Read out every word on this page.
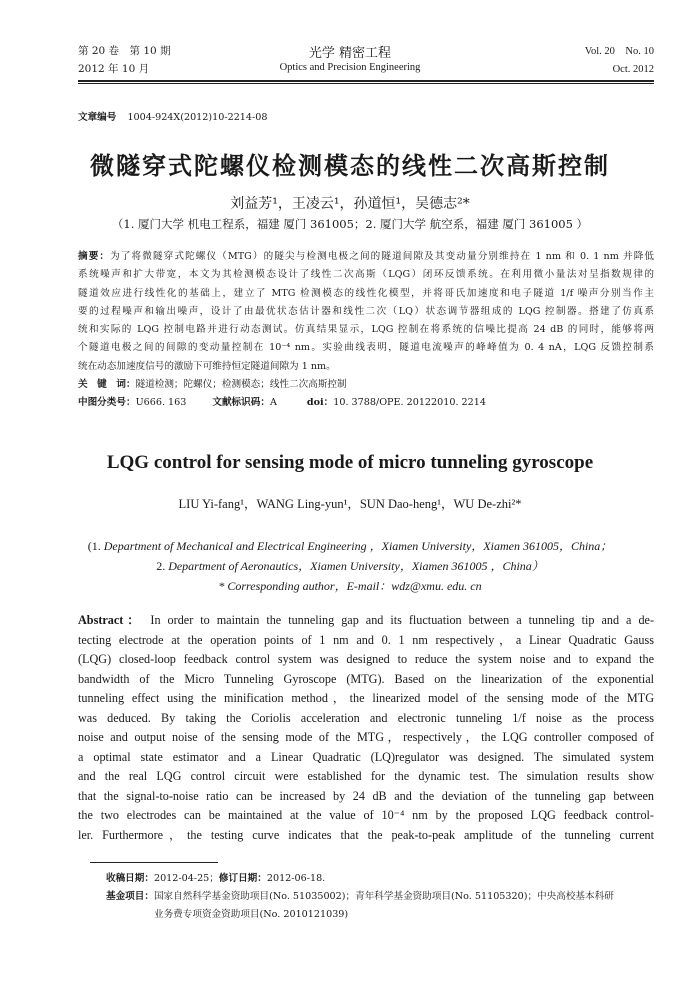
第 20 卷　第 10 期
2012 年 10 月
光学 精密工程
Optics and Precision Engineering
Vol. 20　No. 10
Oct. 2012
文章编号 1004-924X(2012)10-2214-08
微隧穿式陀螺仪检测模态的线性二次高斯控制
刘益芳¹，王凌云¹，孙道恒¹，吴德志²*
（1. 厦门大学 机电工程系，福建 厦门 361005；2. 厦门大学 航空系，福建 厦门 361005 ）

摘要：为了将微隧穿式陀螺仪（MTG）的隧尖与检测电极之间的隧道间隙及其变动量分别维持在 1 nm 和 0. 1 nm 并降低

系统噪声和扩大带宽，本文为其检测模态设计了线性二次高斯（LQG）闭环反馈系统。在利用微小量法对呈指数规律的

隧道效应进行线性化的基础上，建立了 MTG 检测模态的线性化模型，并将哥氏加速度和电子隧道 1/f 噪声分别当作主

要的过程噪声和输出噪声，设计了由最优状态估计器和线性二次（LQ）状态调节器组成的 LQG 控制器。搭建了仿真系

统和实际的 LQG 控制电路并进行动态测试。仿真结果显示，LQG 控制在将系统的信噪比提高 24 dB 的同时，能够将两

个隧道电极之间的间隙的变动量控制在 10⁻⁴ nm。实验曲线表明，隧道电流噪声的峰峰值为 0. 4 nA，LQG 反馈控制系

统在动态加速度信号的激励下可维持恒定隧道间隙为 1 nm。

关　键　词：隧道检测；陀螺仪；检测模态；线性二次高斯控制

中图分类号：U666. 163	文献标识码：A	doi：10. 3788/OPE. 20122010. 2214

LQG control for sensing mode of micro tunneling gyroscope
LIU Yi-fang¹，WANG Ling-yun¹，SUN Dao-heng¹，WU De-zhi²*
(1. Department of Mechanical and Electrical Engineering ，Xiamen University，Xiamen 361005，China；
2. Department of Aeronautics，Xiamen University，Xiamen 361005 ，China）
* Corresponding author，E-mail：wdz@xmu. edu. cn

Abstract： In order to maintain the tunneling gap and its fluctuation between a tunneling tip and a de-

tecting electrode at the operation points of 1 nm and 0. 1 nm respectively，a Linear Quadratic Gauss

(LQG) closed-loop feedback control system was designed to reduce the system noise and to expand the

bandwidth of the Micro Tunneling Gyroscope (MTG). Based on the linearization of the exponential

tunneling effect using the minification method，the linearized model of the sensing mode of the MTG

was deduced. By taking the Coriolis acceleration and electronic tunneling 1/f noise as the process

noise and output noise of the sensing mode of the MTG，respectively，the LQG controller composed of

a optimal state estimator and a Linear Quadratic (LQ)regulator was designed. The simulated system

and the real LQG control circuit were established for the dynamic test. The simulation results show

that the signal-to-noise ratio can be increased by 24 dB and the deviation of the tunneling gap between

the two electrodes can be maintained at the value of 10⁻⁴ nm by the proposed LQG feedback control-

ler. Furthermore，the testing curve indicates that the peak-to-peak amplitude of the tunneling current

收稿日期：2012-04-25；修订日期：2012-06-18.
基金项目：国家自然科学基金资助项目(No. 51035002)；青年科学基金资助项目(No. 51105320)；中央高校基本科研
业务费专项资金资助项目(No. 2010121039)
